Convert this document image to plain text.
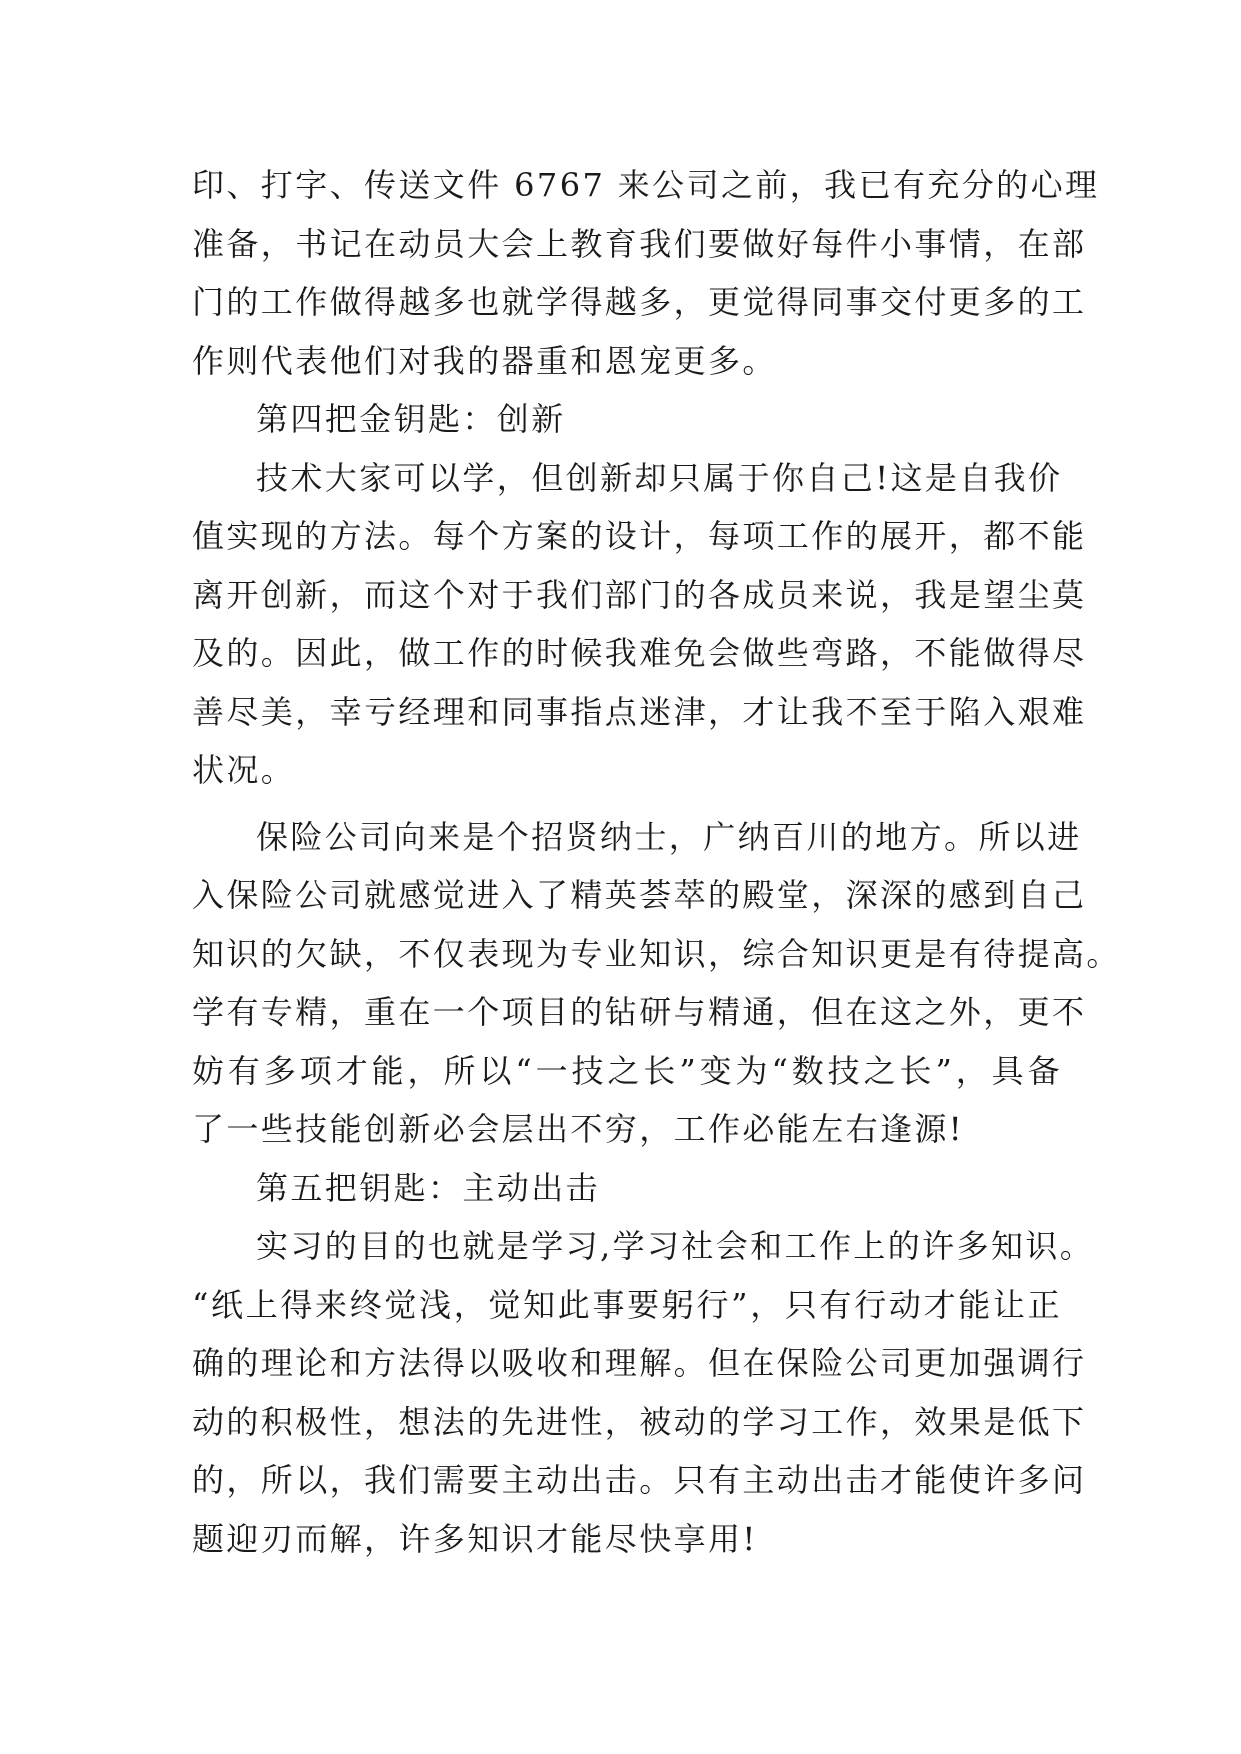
印、打字、传送文件 6767 来公司之前，我已有充分的心理
准备，书记在动员大会上教育我们要做好每件小事情，在部
门的工作做得越多也就学得越多，更觉得同事交付更多的工
作则代表他们对我的器重和恩宠更多。
第四把金钥匙：创新
技术大家可以学，但创新却只属于你自己!这是自我价
值实现的方法。每个方案的设计，每项工作的展开，都不能
离开创新，而这个对于我们部门的各成员来说，我是望尘莫
及的。因此，做工作的时候我难免会做些弯路，不能做得尽
善尽美，幸亏经理和同事指点迷津，才让我不至于陷入艰难
状况。
保险公司向来是个招贤纳士，广纳百川的地方。所以进
入保险公司就感觉进入了精英荟萃的殿堂，深深的感到自己
知识的欠缺，不仅表现为专业知识，综合知识更是有待提高。
学有专精，重在一个项目的钻研与精通，但在这之外，更不
妨有多项才能，所以“一技之长”变为“数技之长”，具备
了一些技能创新必会层出不穷，工作必能左右逢源!
第五把钥匙：主动出击
实习的目的也就是学习,学习社会和工作上的许多知识。
“纸上得来终觉浅，觉知此事要躬行”，只有行动才能让正
确的理论和方法得以吸收和理解。但在保险公司更加强调行
动的积极性，想法的先进性，被动的学习工作，效果是低下
的，所以，我们需要主动出击。只有主动出击才能使许多问
题迎刃而解，许多知识才能尽快享用!
